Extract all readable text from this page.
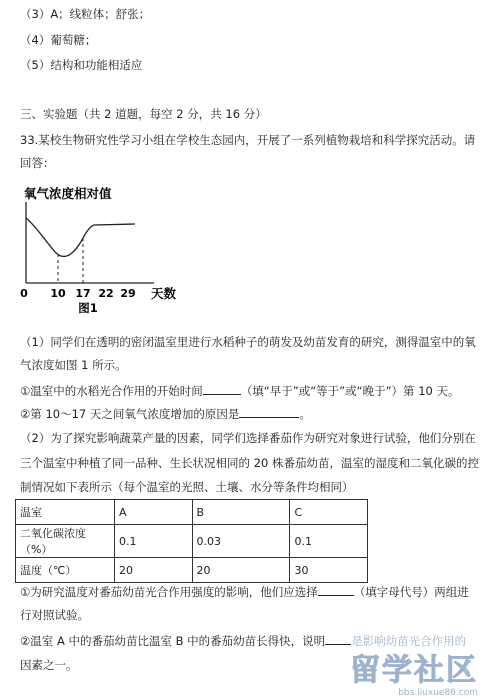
（3）A；线粒体；舒张；
（4）葡萄糖；
（5）结构和功能相适应
三、实验题（共 2 道题，每空 2 分，共 16 分）
33.某校生物研究性学习小组在学校生态园内，开展了一系列植物栽培和科学探究活动。请
回答：
氧气浓度相对值
0 10 17 22 29 天数
图1
（1）同学们在透明的密闭温室里进行水稻种子的萌发及幼苗发育的研究，测得温室中的氧
气浓度如图 1 所示。
①温室中的水稻光合作用的开始时间	（填“早于”或“等于”或“晚于”）第 10 天。
②第 10～17 天之间氧气浓度增加的原因是	。
（2）为了探究影响蔬菜产量的因素，同学们选择番茄作为研究对象进行试验，他们分别在
三个温室中种植了同一品种、生长状况相同的 20 株番茄幼苗，温室的湿度和二氧化碳的控
制情况如下表所示（每个温室的光照、土壤、水分等条件均相同）
温室	A	B	C
二氧化碳浓度（%）	0.1	0.03	0.1
温度（℃）	20	20	30
①为研究温度对番茄幼苗光合作用强度的影响，他们应选择	（填字母代号）两组进
行对照试验。
②温室 A 中的番茄幼苗比温室 B 中的番茄幼苗长得快，说明 是影响幼苗光合作用的
因素之一。	留学社区
bbs.liuxue86.com
